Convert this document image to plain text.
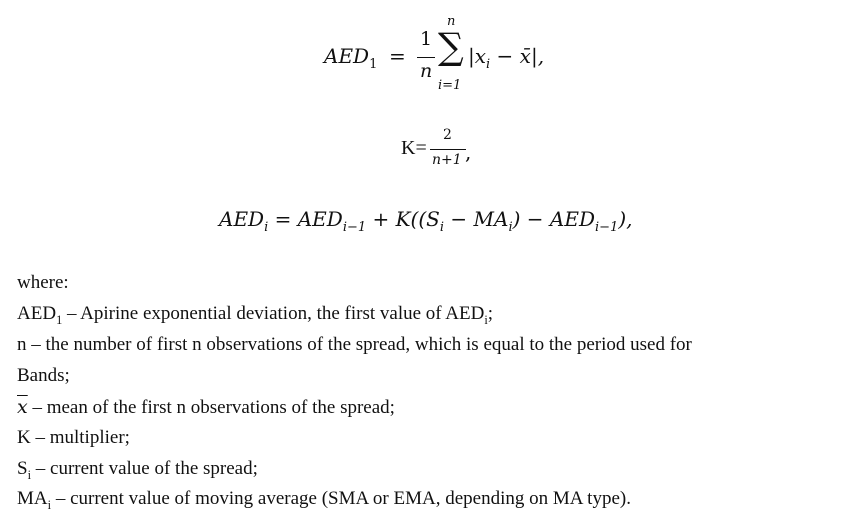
$AED_1$ =
1
n
∑
n
i=1
$|x_i$ − x̄|,
K=
2
n+1 ,
$AED_i = AED_{i-1} + K((S_i - MA_i) - AED_{i-1})$,
where:
$AED_1$ – Apirine exponential deviation, the first value of $AED_i$;
n – the number of first n observations of the spread, which is equal to the period used for
Bands;
$\overline{x}$ – mean of the first n observations of the spread;
K – multiplier;
$S_i$ – current value of the spread;
$MA_i$ – current value of moving average (SMA or EMA, depending on MA type).
